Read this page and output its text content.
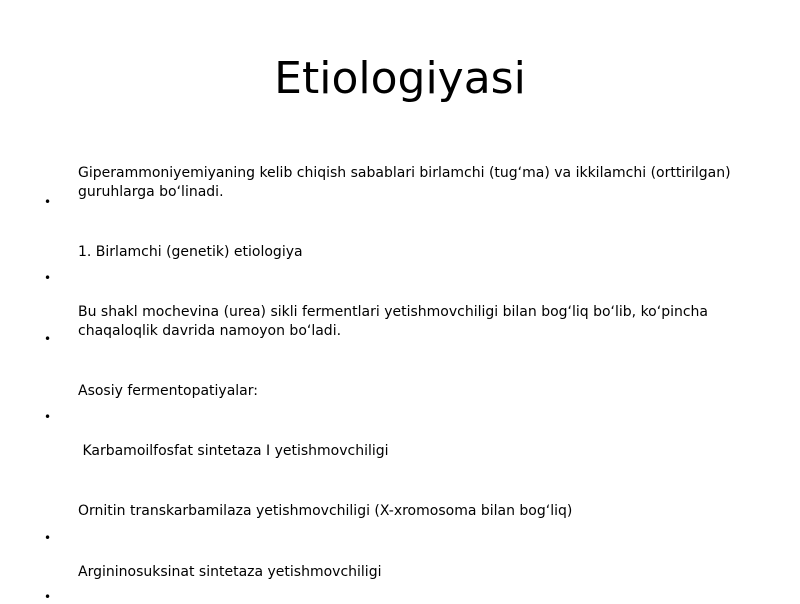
Etiologiyasi
Giperammoniyemiyaning kelib chiqish sabablari birlamchi (tug‘ma) va ikkilamchi (orttirilgan) guruhlarga bo‘linadi.
•
1. Birlamchi (genetik) etiologiya
•
Bu shakl mochevina (urea) sikli fermentlari yetishmovchiligi bilan bog‘liq bo‘lib, ko‘pincha chaqaloqlik davrida namoyon bo‘ladi.
•
Asosiy fermentopatiyalar:
•
Karbamoilfosfat sintetaza I yetishmovchiligi
Ornitin transkarbamilaza yetishmovchiligi (X-xromosoma bilan bog‘liq)
•
Argininosuksinat sintetaza yetishmovchiligi
•
